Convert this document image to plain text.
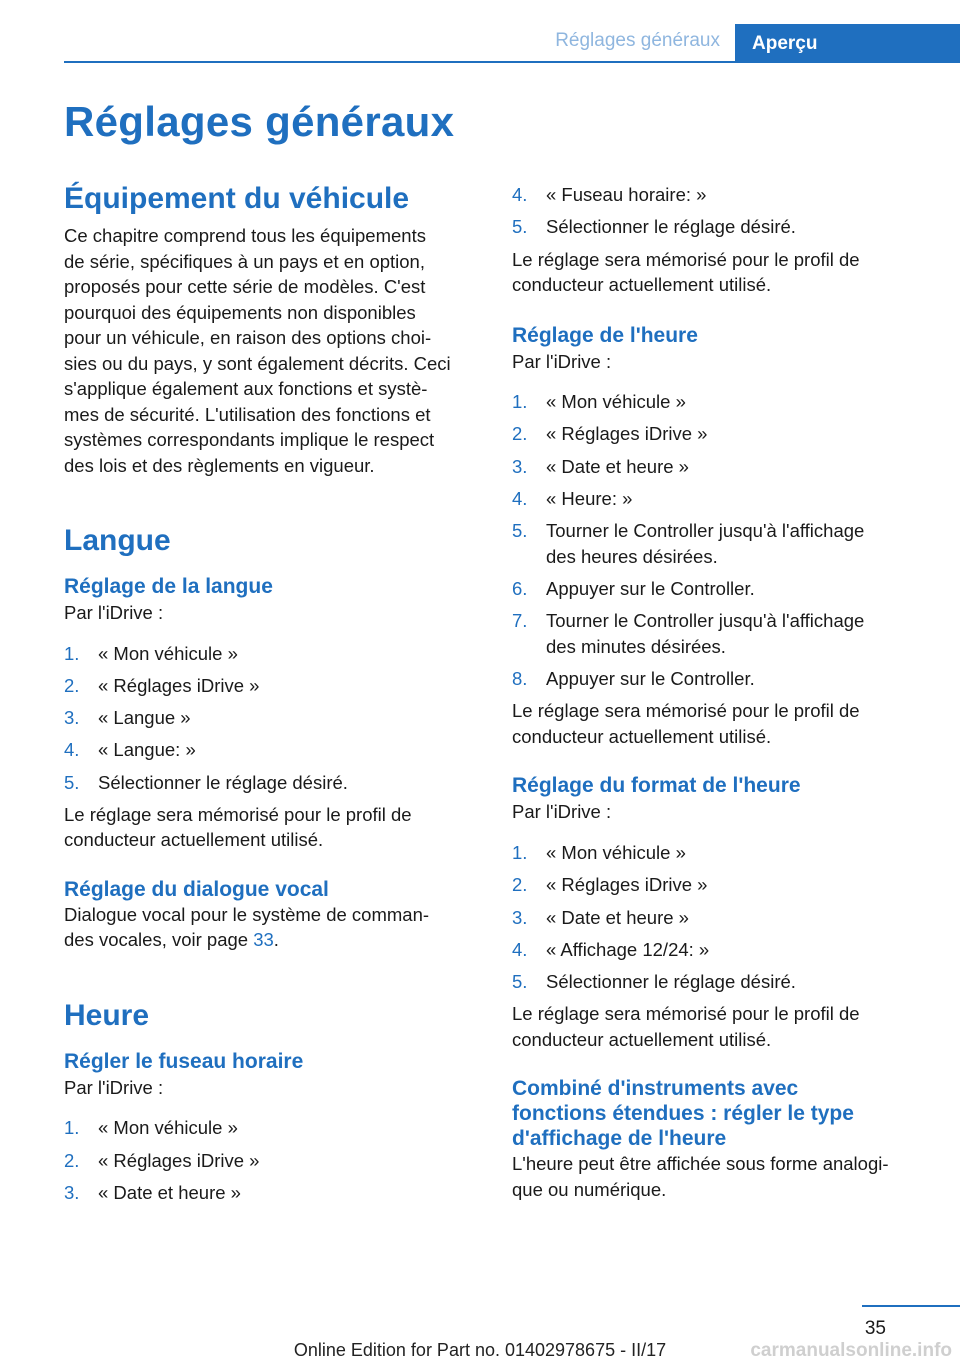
Réglages généraux	Aperçu
Réglages généraux
Équipement du véhicule
Ce chapitre comprend tous les équipements
de série, spécifiques à un pays et en option,
proposés pour cette série de modèles. C'est
pourquoi des équipements non disponibles
pour un véhicule, en raison des options choi-
sies ou du pays, y sont également décrits. Ceci
s'applique également aux fonctions et systè-
mes de sécurité. L'utilisation des fonctions et
systèmes correspondants implique le respect
des lois et des règlements en vigueur.
Langue
Réglage de la langue

Par l'iDrive :

1. « Mon véhicule »
2. « Réglages iDrive »
3. « Langue »
4. « Langue: »
5. Sélectionner le réglage désiré.
Le réglage sera mémorisé pour le profil de
conducteur actuellement utilisé.
Réglage du dialogue vocal
Dialogue vocal pour le système de comman-
des vocales, voir page 33.
Heure
Régler le fuseau horaire

Par l'iDrive :

1. « Mon véhicule »
2. « Réglages iDrive »
3. « Date et heure »
4. « Fuseau horaire: »
5. Sélectionner le réglage désiré.
Le réglage sera mémorisé pour le profil de
conducteur actuellement utilisé.
Réglage de l'heure

Par l'iDrive :

1. « Mon véhicule »
2. « Réglages iDrive »
3. « Date et heure »
4. « Heure: »
5. Tourner le Controller jusqu'à l'affichage
des heures désirées.
6. Appuyer sur le Controller.
7. Tourner le Controller jusqu'à l'affichage
des minutes désirées.
8. Appuyer sur le Controller.
Le réglage sera mémorisé pour le profil de
conducteur actuellement utilisé.
Réglage du format de l'heure

Par l'iDrive :

1. « Mon véhicule »
2. « Réglages iDrive »
3. « Date et heure »
4. « Affichage 12/24: »
5. Sélectionner le réglage désiré.
Le réglage sera mémorisé pour le profil de
conducteur actuellement utilisé.
Combiné d'instruments avec
fonctions étendues : régler le type
d'affichage de l'heure
L'heure peut être affichée sous forme analogi-
que ou numérique.
35
Online Edition for Part no. 01402978675 - II/17	carmanualsonline.info
